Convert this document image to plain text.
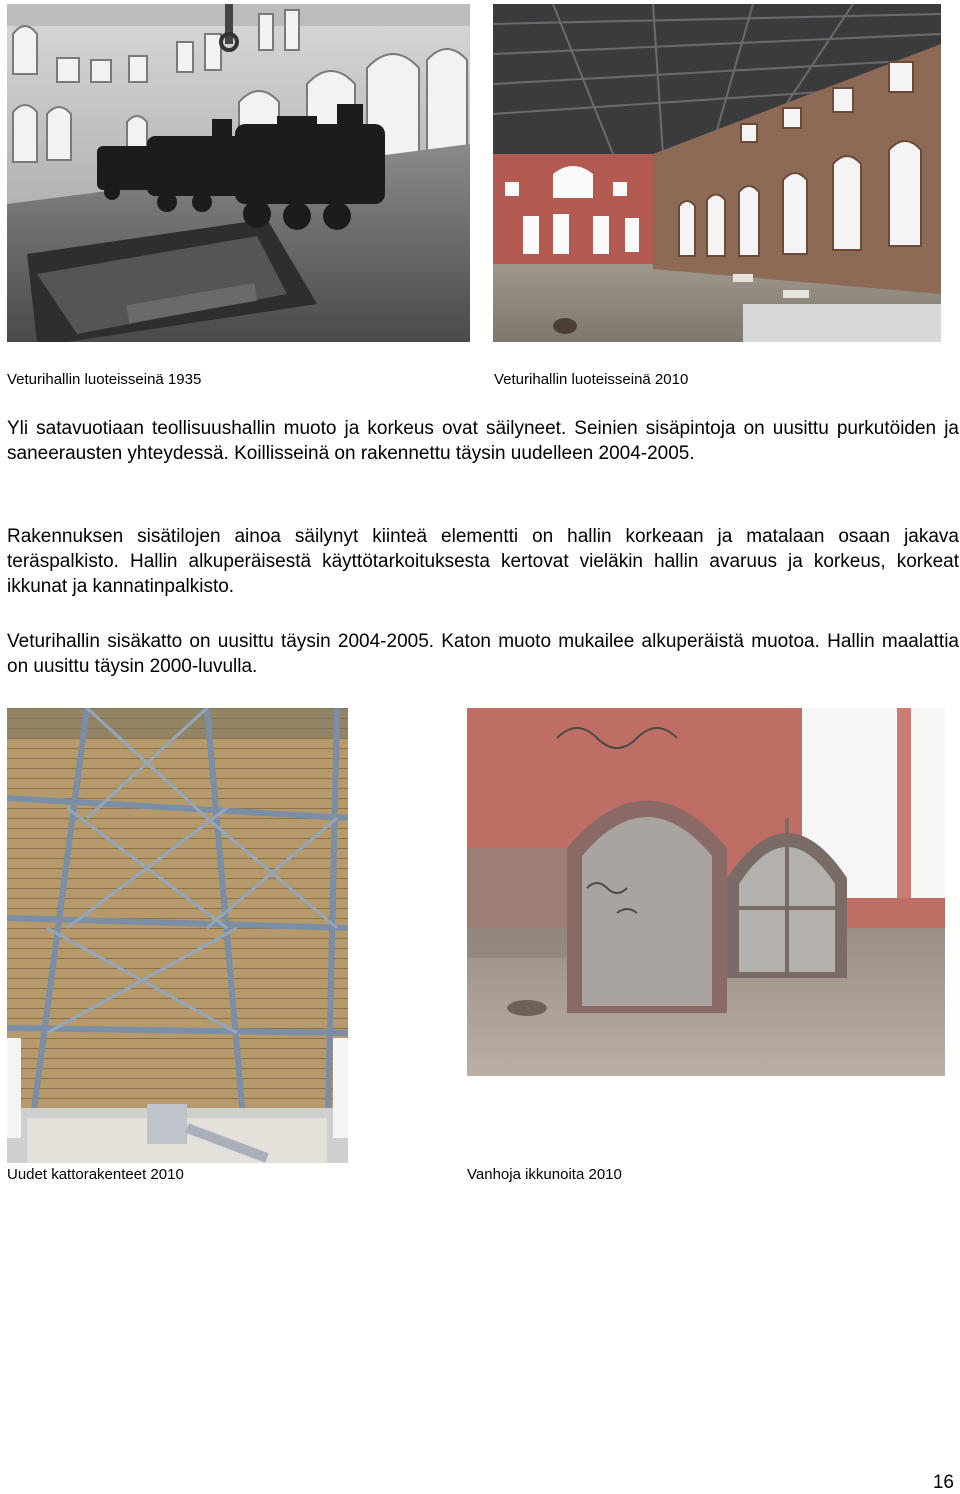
Veturihallin luoteisseinä 1935	Veturihallin luoteisseinä 2010

Yli satavuotiaan teollisuushallin muoto ja korkeus ovat säilyneet. Seinien sisäpintoja on uusittu purkutöiden ja saneerausten yhteydessä. Koillisseinä on rakennettu täysin uudelleen 2004-2005.

Rakennuksen sisätilojen ainoa säilynyt kiinteä elementti on hallin korkeaan ja matalaan osaan jakava teräspalkisto. Hallin alkuperäisestä käyttötarkoituksesta kertovat vieläkin hallin avaruus ja korkeus, korkeat ikkunat ja kannatinpalkisto.

Veturihallin sisäkatto on uusittu täysin 2004-2005. Katon muoto mukailee alkuperäistä muotoa. Hallin maalattia on uusittu täysin 2000-luvulla.

Uudet kattorakenteet 2010	Vanhoja ikkunoita 2010
16
